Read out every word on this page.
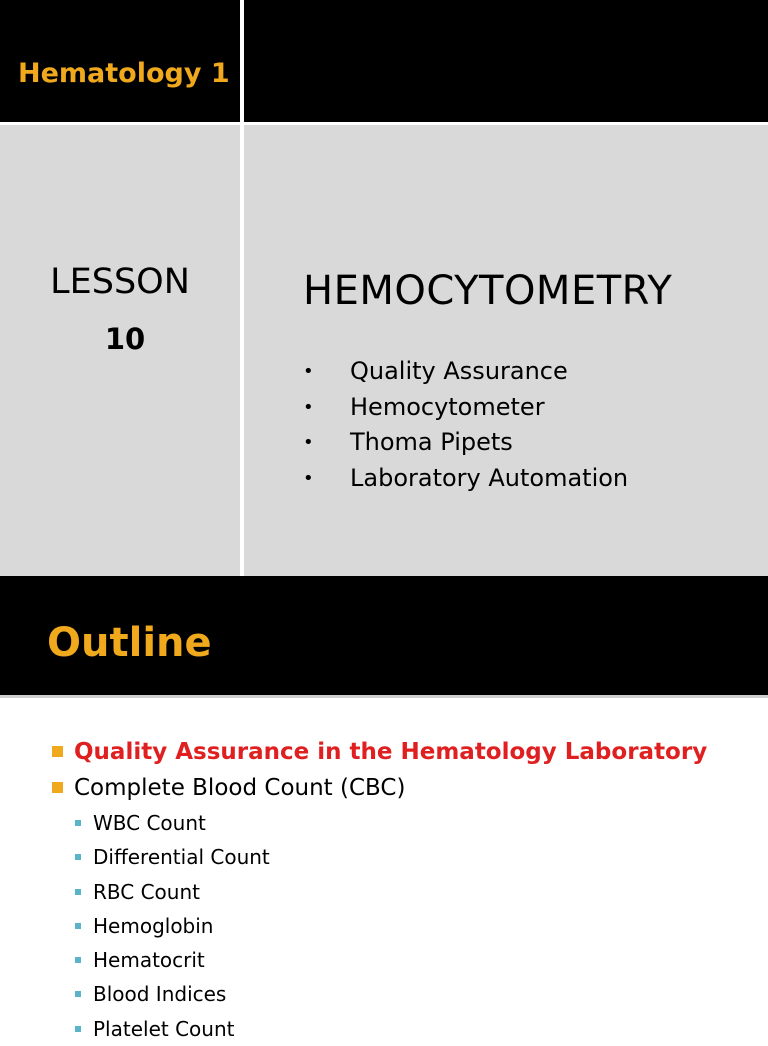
Hematology 1
LESSON
10
HEMOCYTOMETRY
• Quality Assurance
• Hemocytometer
• Thoma Pipets
• Laboratory Automation
Outline
Quality Assurance in the Hematology Laboratory
Complete Blood Count (CBC)
WBC Count
Differential Count
RBC Count
Hemoglobin
Hematocrit
Blood Indices
Platelet Count
